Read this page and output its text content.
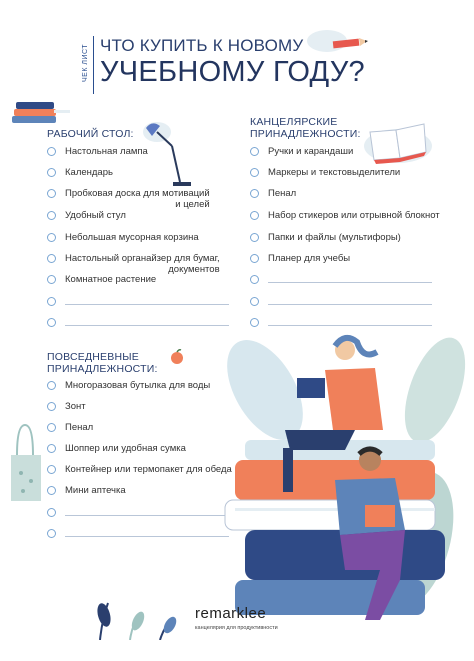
ЧЕК ЛИСТ ЧТО КУПИТЬ К НОВОМУ
УЧЕБНОМУ ГОДУ?
РАБОЧИЙ СТОЛ:
Настольная лампа
Календарь
Пробковая доска для мотиваций
и целей
Удобный стул
Небольшая мусорная корзина
Настольный органайзер для бумаг,
документов
Комнатное растение
КАНЦЕЛЯРСКИЕ
ПРИНАДЛЕЖНОСТИ:
Ручки и карандаши
Маркеры и текстовыделители
Пенал
Набор стикеров или отрывной блокнот
Папки и файлы (мультифоры)
Планер для учебы
ПОВСЕДНЕВНЫЕ
ПРИНАДЛЕЖНОСТИ:
Многоразовая бутылка для воды
Зонт
Пенал
Шоппер или удобная сумка
Контейнер или термопакет для обеда
Мини аптечка
remarklee
канцелярия для продуктивности
